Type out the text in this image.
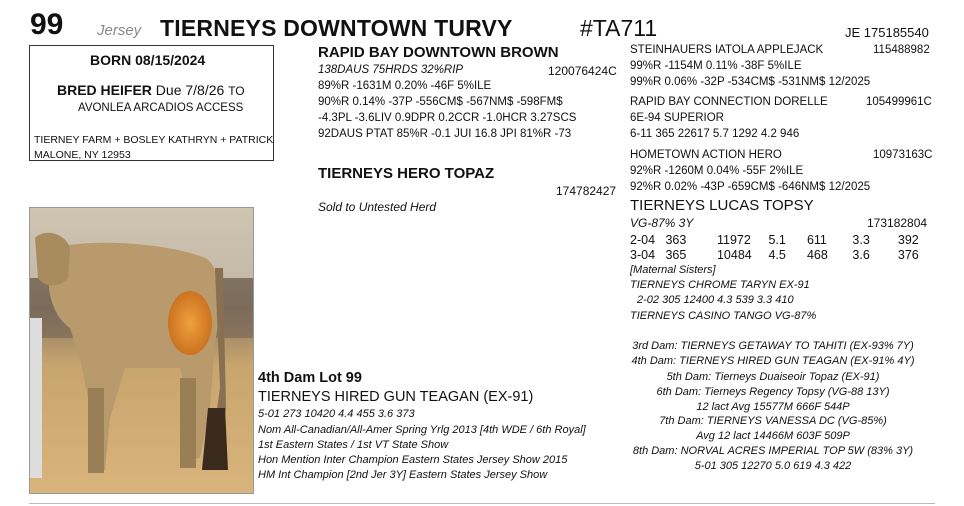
99 Jersey TIERNEYS DOWNTOWN TURVY	#TA711	JE 175185540
BORN 08/15/2024
BRED HEIFER Due 7/8/26 TO
AVONLEA ARCADIOS ACCESS
TIERNEY FARM + BOSLEY KATHRYN + PATRICK
MALONE, NY 12953
RAPID BAY DOWNTOWN BROWN
138DAUS 75HRDS 32%RIP	120076424C
89%R -1631M 0.20% -46F 5%ILE
90%R 0.14% -37P -556CM$ -567NM$ -598FM$
-4.3PL -3.6LIV 0.9DPR 0.2CCR -1.0HCR 3.27SCS
92DAUS PTAT 85%R -0.1 JUI 16.8 JPI 81%R -73
STEINHAUERS IATOLA APPLEJACK	115488982
99%R -1154M 0.11% -38F 5%ILE
99%R 0.06% -32P -534CM$ -531NM$ 12/2025
RAPID BAY CONNECTION DORELLE	105499961C
6E-94 SUPERIOR
6-11 365 22617 5.7 1292 4.2 946
HOMETOWN ACTION HERO	10973163C
92%R -1260M 0.04% -55F 2%ILE
92%R 0.02% -43P -659CM$ -646NM$ 12/2025
TIERNEYS HERO TOPAZ
174782427
Sold to Untested Herd	TIERNEYS LUCAS TOPSY
VG-87% 3Y	173182804
2-04 363 11972 5.1 611 3.3 392
3-04 365 10484 4.5 468 3.6 376
[Maternal Sisters]
TIERNEYS CHROME TARYN EX-91
2-02 305 12400 4.3 539 3.3 410
TIERNEYS CASINO TANGO VG-87%
4th Dam Lot 99
TIERNEYS HIRED GUN TEAGAN (EX-91)
5-01 273 10420 4.4 455 3.6 373
Nom All-Canadian/All-Amer Spring Yrlg 2013 [4th WDE / 6th Royal]
1st Eastern States / 1st VT State Show
Hon Mention Inter Champion Eastern States Jersey Show 2015
HM Int Champion [2nd Jer 3Y] Eastern States Jersey Show
3rd Dam: TIERNEYS GETAWAY TO TAHITI (EX-93% 7Y)
4th Dam: TIERNEYS HIRED GUN TEAGAN (EX-91% 4Y)
5th Dam: Tierneys Duaiseoir Topaz (EX-91)
6th Dam: Tierneys Regency Topsy (VG-88 13Y)
12 lact Avg 15577M 666F 544P
7th Dam: TIERNEYS VANESSA DC (VG-85%)
Avg 12 lact 14466M 603F 509P
8th Dam: NORVAL ACRES IMPERIAL TOP 5W (83% 3Y)
5-01 305 12270 5.0 619 4.3 422
